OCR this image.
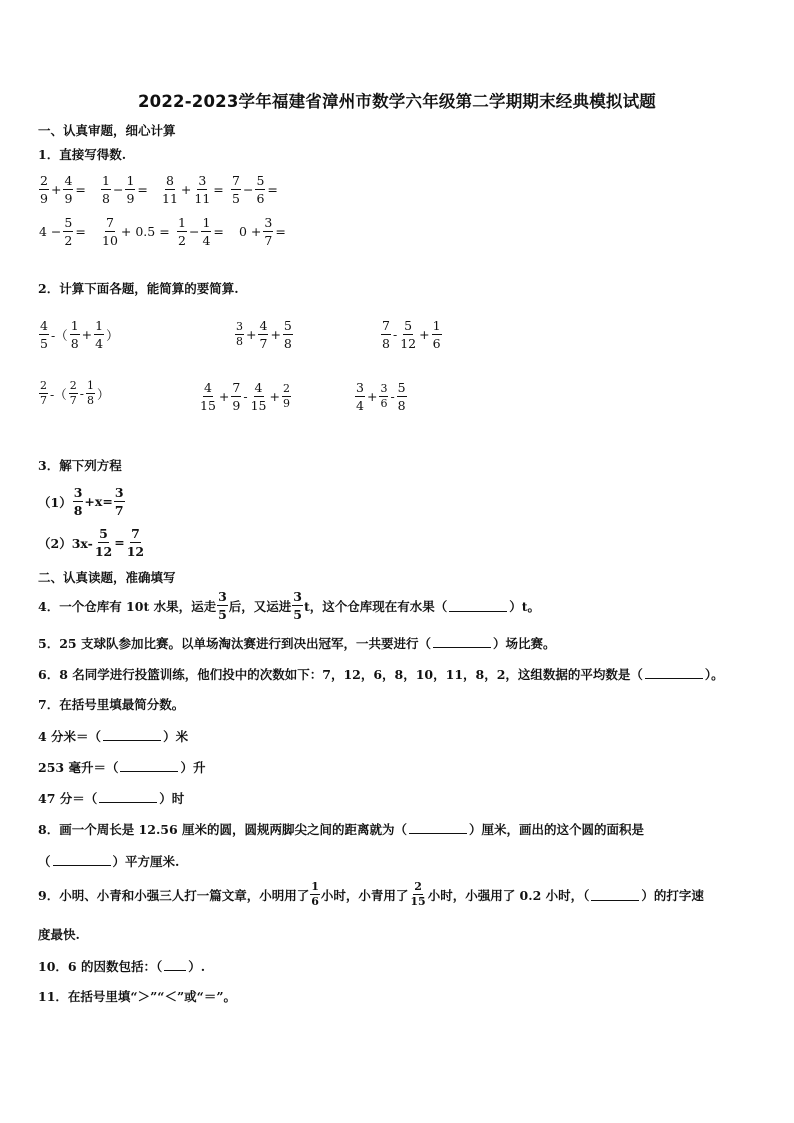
2022-2023学年福建省漳州市数学六年级第二学期期末经典模拟试题
一、认真审题，细心计算
1．直接写得数.
$\frac{2}{9} + \frac{4}{9} = \frac{1}{8} - \frac{1}{9} = \frac{8}{11} + \frac{3}{11} = \frac{7}{5} - \frac{5}{6}$ =
$4 - \frac{5}{2} = \frac{7}{10} + 0.5 = \frac{1}{2} - \frac{1}{4} = 0 + \frac{3}{7}$ =
2．计算下面各题，能简算的要简算.
$\frac{4}{5}$ -（ $\frac{1}{8} + \frac{1}{4}$ ）	$\frac{3}{8} + \frac{4}{7} + \frac{5}{8}$	$\frac{7}{8} - \frac{5}{12} + \frac{1}{6}$
$\frac{2}{7}$ -（ $\frac{2}{7} - \frac{1}{8}$ ）	$\frac{4}{15} + \frac{7}{9} - \frac{4}{15} + \frac{2}{9}$	$\frac{3}{4} + \frac{3}{6} - \frac{5}{8}$
3．解下列方程
$(1) \frac{3}{8} +x= \frac{3}{7}$
$(2)3x- \frac{5}{12} = \frac{7}{12}$
二、认真读题，准确填写
4．一个仓库有 10t 水果，运走 $\frac{3}{5}$ 后，又运进 $\frac{3}{5}$ t，这个仓库现在有水果（	）t。
5．25 支球队参加比赛。以单场淘汰赛进行到决出冠军，一共要进行（	）场比赛。
6．8 名同学进行投篮训练，他们投中的次数如下：7，12，6，8，10，11，8，2，这组数据的平均数是（	）。
7．在括号里填最简分数。
4 分米＝（	）米
253 毫升＝（	）升
47 分＝（	）时
8．画一个周长是 12.56 厘米的圆，圆规两脚尖之间的距离就为（	）厘米，画出的这个圆的面积是
（	）平方厘米.
9．小明、小青和小强三人打一篇文章，小明用了 $\frac{1}{6}$ 小时，小青用了 $\frac{2}{15}$ 小时，小强用了 0.2 小时，（	）的打字速
度最快.
10．6 的因数包括：（ ）.
11．在括号里填“＞”“＜”或“＝”。
